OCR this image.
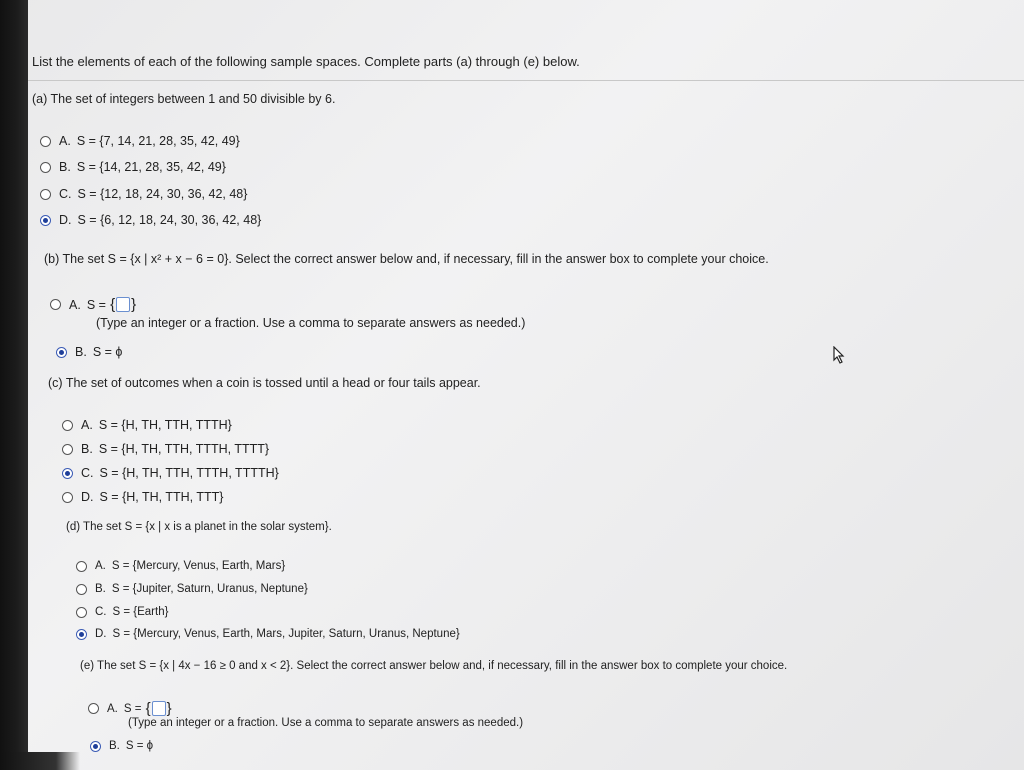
List the elements of each of the following sample spaces. Complete parts (a) through (e) below.
(a) The set of integers between 1 and 50 divisible by 6.
A. S = {7, 14, 21, 28, 35, 42, 49}
B. S = {14, 21, 28, 35, 42, 49}
C. S = {12, 18, 24, 30, 36, 42, 48}
D. S = {6, 12, 18, 24, 30, 36, 42, 48}
(b) The set S = {x | x² + x − 6 = 0}. Select the correct answer below and, if necessary, fill in the answer box to complete your choice.
A. S = { }
(Type an integer or a fraction. Use a comma to separate answers as needed.)
B. S = ϕ
(c) The set of outcomes when a coin is tossed until a head or four tails appear.
A. S = {H, TH, TTH, TTTH}
B. S = {H, TH, TTH, TTTH, TTTT}
C. S = {H, TH, TTH, TTTH, TTTTH}
D. S = {H, TH, TTH, TTT}
(d) The set S = {x | x is a planet in the solar system}.
A. S = {Mercury, Venus, Earth, Mars}
B. S = {Jupiter, Saturn, Uranus, Neptune}
C. S = {Earth}
D. S = {Mercury, Venus, Earth, Mars, Jupiter, Saturn, Uranus, Neptune}
(e) The set S = {x | 4x − 16 ≥ 0 and x < 2}. Select the correct answer below and, if necessary, fill in the answer box to complete your choice.
A. S = { }
(Type an integer or a fraction. Use a comma to separate answers as needed.)
B. S = ϕ
